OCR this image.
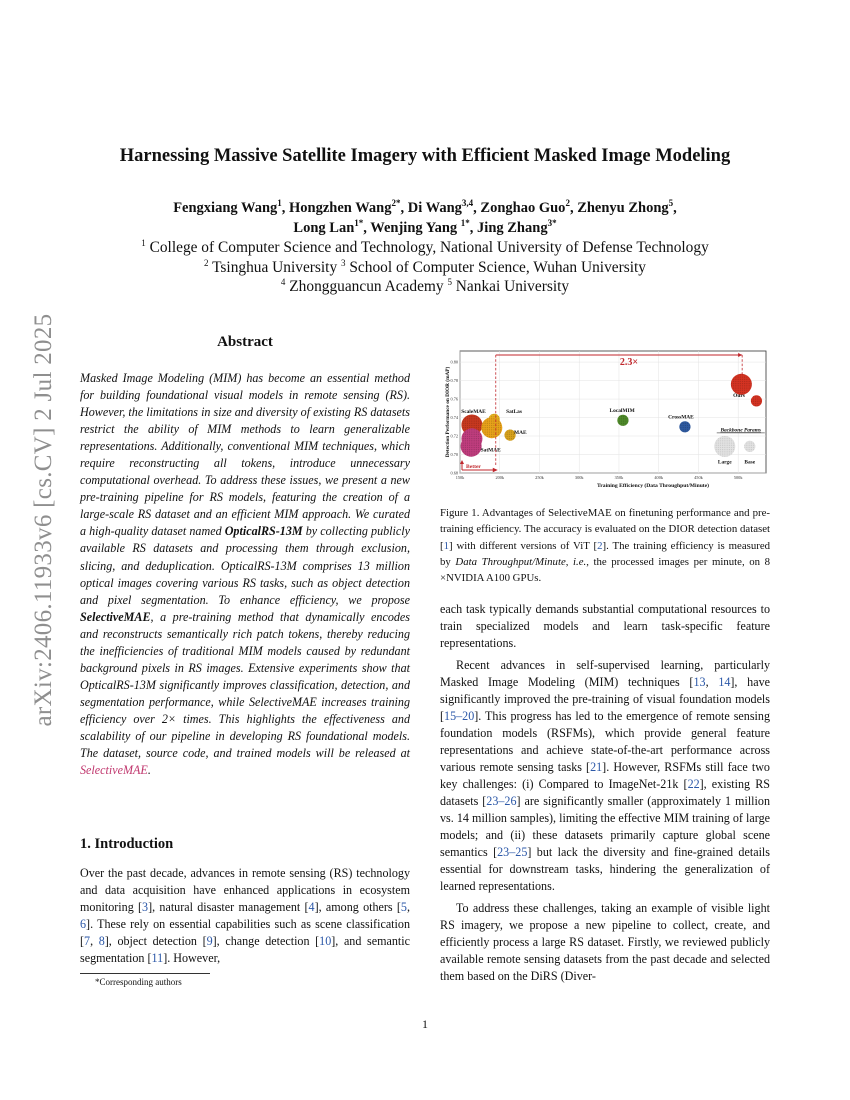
arXiv:2406.11933v6 [cs.CV] 2 Jul 2025
Harnessing Massive Satellite Imagery with Efficient Masked Image Modeling
Fengxiang Wang$^1$, Hongzhen Wang$^{2*}$, Di Wang$^{3,4}$, Zonghao Guo$^2$, Zhenyu Zhong$^5$,
Long Lan$^{1*}$, Wenjing Yang $^{1*}$, Jing Zhang$^{3*}$
$^1$ College of Computer Science and Technology, National University of Defense Technology
$^2$ Tsinghua University $^3$ School of Computer Science, Wuhan University
$^4$ Zhongguancun Academy $^5$ Nankai University
Abstract
Masked Image Modeling (MIM) has become an essential method for building foundational visual models in remote sensing (RS). However, the limitations in size and diversity of existing RS datasets restrict the ability of MIM methods to learn generalizable representations. Additionally, conventional MIM techniques, which require reconstructing all tokens, introduce unnecessary computational overhead. To address these issues, we present a new pre-training pipeline for RS models, featuring the creation of a large-scale RS dataset and an efficient MIM approach. We curated a high-quality dataset named OpticalRS-13M by collecting publicly available RS datasets and processing them through exclusion, slicing, and deduplication. OpticalRS-13M comprises 13 million optical images covering various RS tasks, such as object detection and pixel segmentation. To enhance efficiency, we propose SelectiveMAE, a pre-training method that dynamically encodes and reconstructs semantically rich patch tokens, thereby reducing the inefficiencies of traditional MIM models caused by redundant background pixels in RS images. Extensive experiments show that OpticalRS-13M significantly improves classification, detection, and segmentation performance, while SelectiveMAE increases training efficiency over 2× times. This highlights the effectiveness and scalability of our pipeline in developing RS foundational models. The dataset, source code, and trained models will be released at SelectiveMAE.
1. Introduction
Over the past decade, advances in remote sensing (RS) technology and data acquisition have enhanced applications in ecosystem monitoring [3], natural disaster management [4], among others [5, 6]. These rely on essential capabilities such as scene classification [7, 8], object detection [9], change detection [10], and semantic segmentation [11]. However,
*Corresponding authors
0.68
0.70
0.72
0.74
0.76
0.78
0.80
150k	200k	250k	300k	350k	400k	450k	500k
Training Efficiency (Data Throughput/Minute)
Detection Performance on DIOR (mAP) ScaleMAE	SatLas
SatMAE
MAE
LocalMIM
CrossMAE
Ours
2.3×
Better
Backbone Params
Large Base
Figure 1. Advantages of SelectiveMAE on finetuning performance and pre-training efficiency. The accuracy is evaluated on the DIOR detection dataset [1] with different versions of ViT [2]. The training efficiency is measured by Data Throughput/Minute, i.e., the processed images per minute, on 8 ×NVIDIA A100 GPUs.

each task typically demands substantial computational resources to train specialized models and learn task-specific feature representations.

Recent advances in self-supervised learning, particularly Masked Image Modeling (MIM) techniques [13, 14], have significantly improved the pre-training of visual foundation models [15–20]. This progress has led to the emergence of remote sensing foundation models (RSFMs), which provide general feature representations and achieve state-of-the-art performance across various remote sensing tasks [21]. However, RSFMs still face two key challenges: (i) Compared to ImageNet-21k [22], existing RS datasets [23–26] are significantly smaller (approximately 1 million vs. 14 million samples), limiting the effective MIM training of large models; and (ii) these datasets primarily capture global scene semantics [23–25] but lack the diversity and fine-grained details essential for downstream tasks, hindering the generalization of learned representations.

To address these challenges, taking an example of visible light RS imagery, we propose a new pipeline to collect, create, and efficiently process a large RS dataset. Firstly, we reviewed publicly available remote sensing datasets from the past decade and selected them based on the DiRS (Diver-

1
